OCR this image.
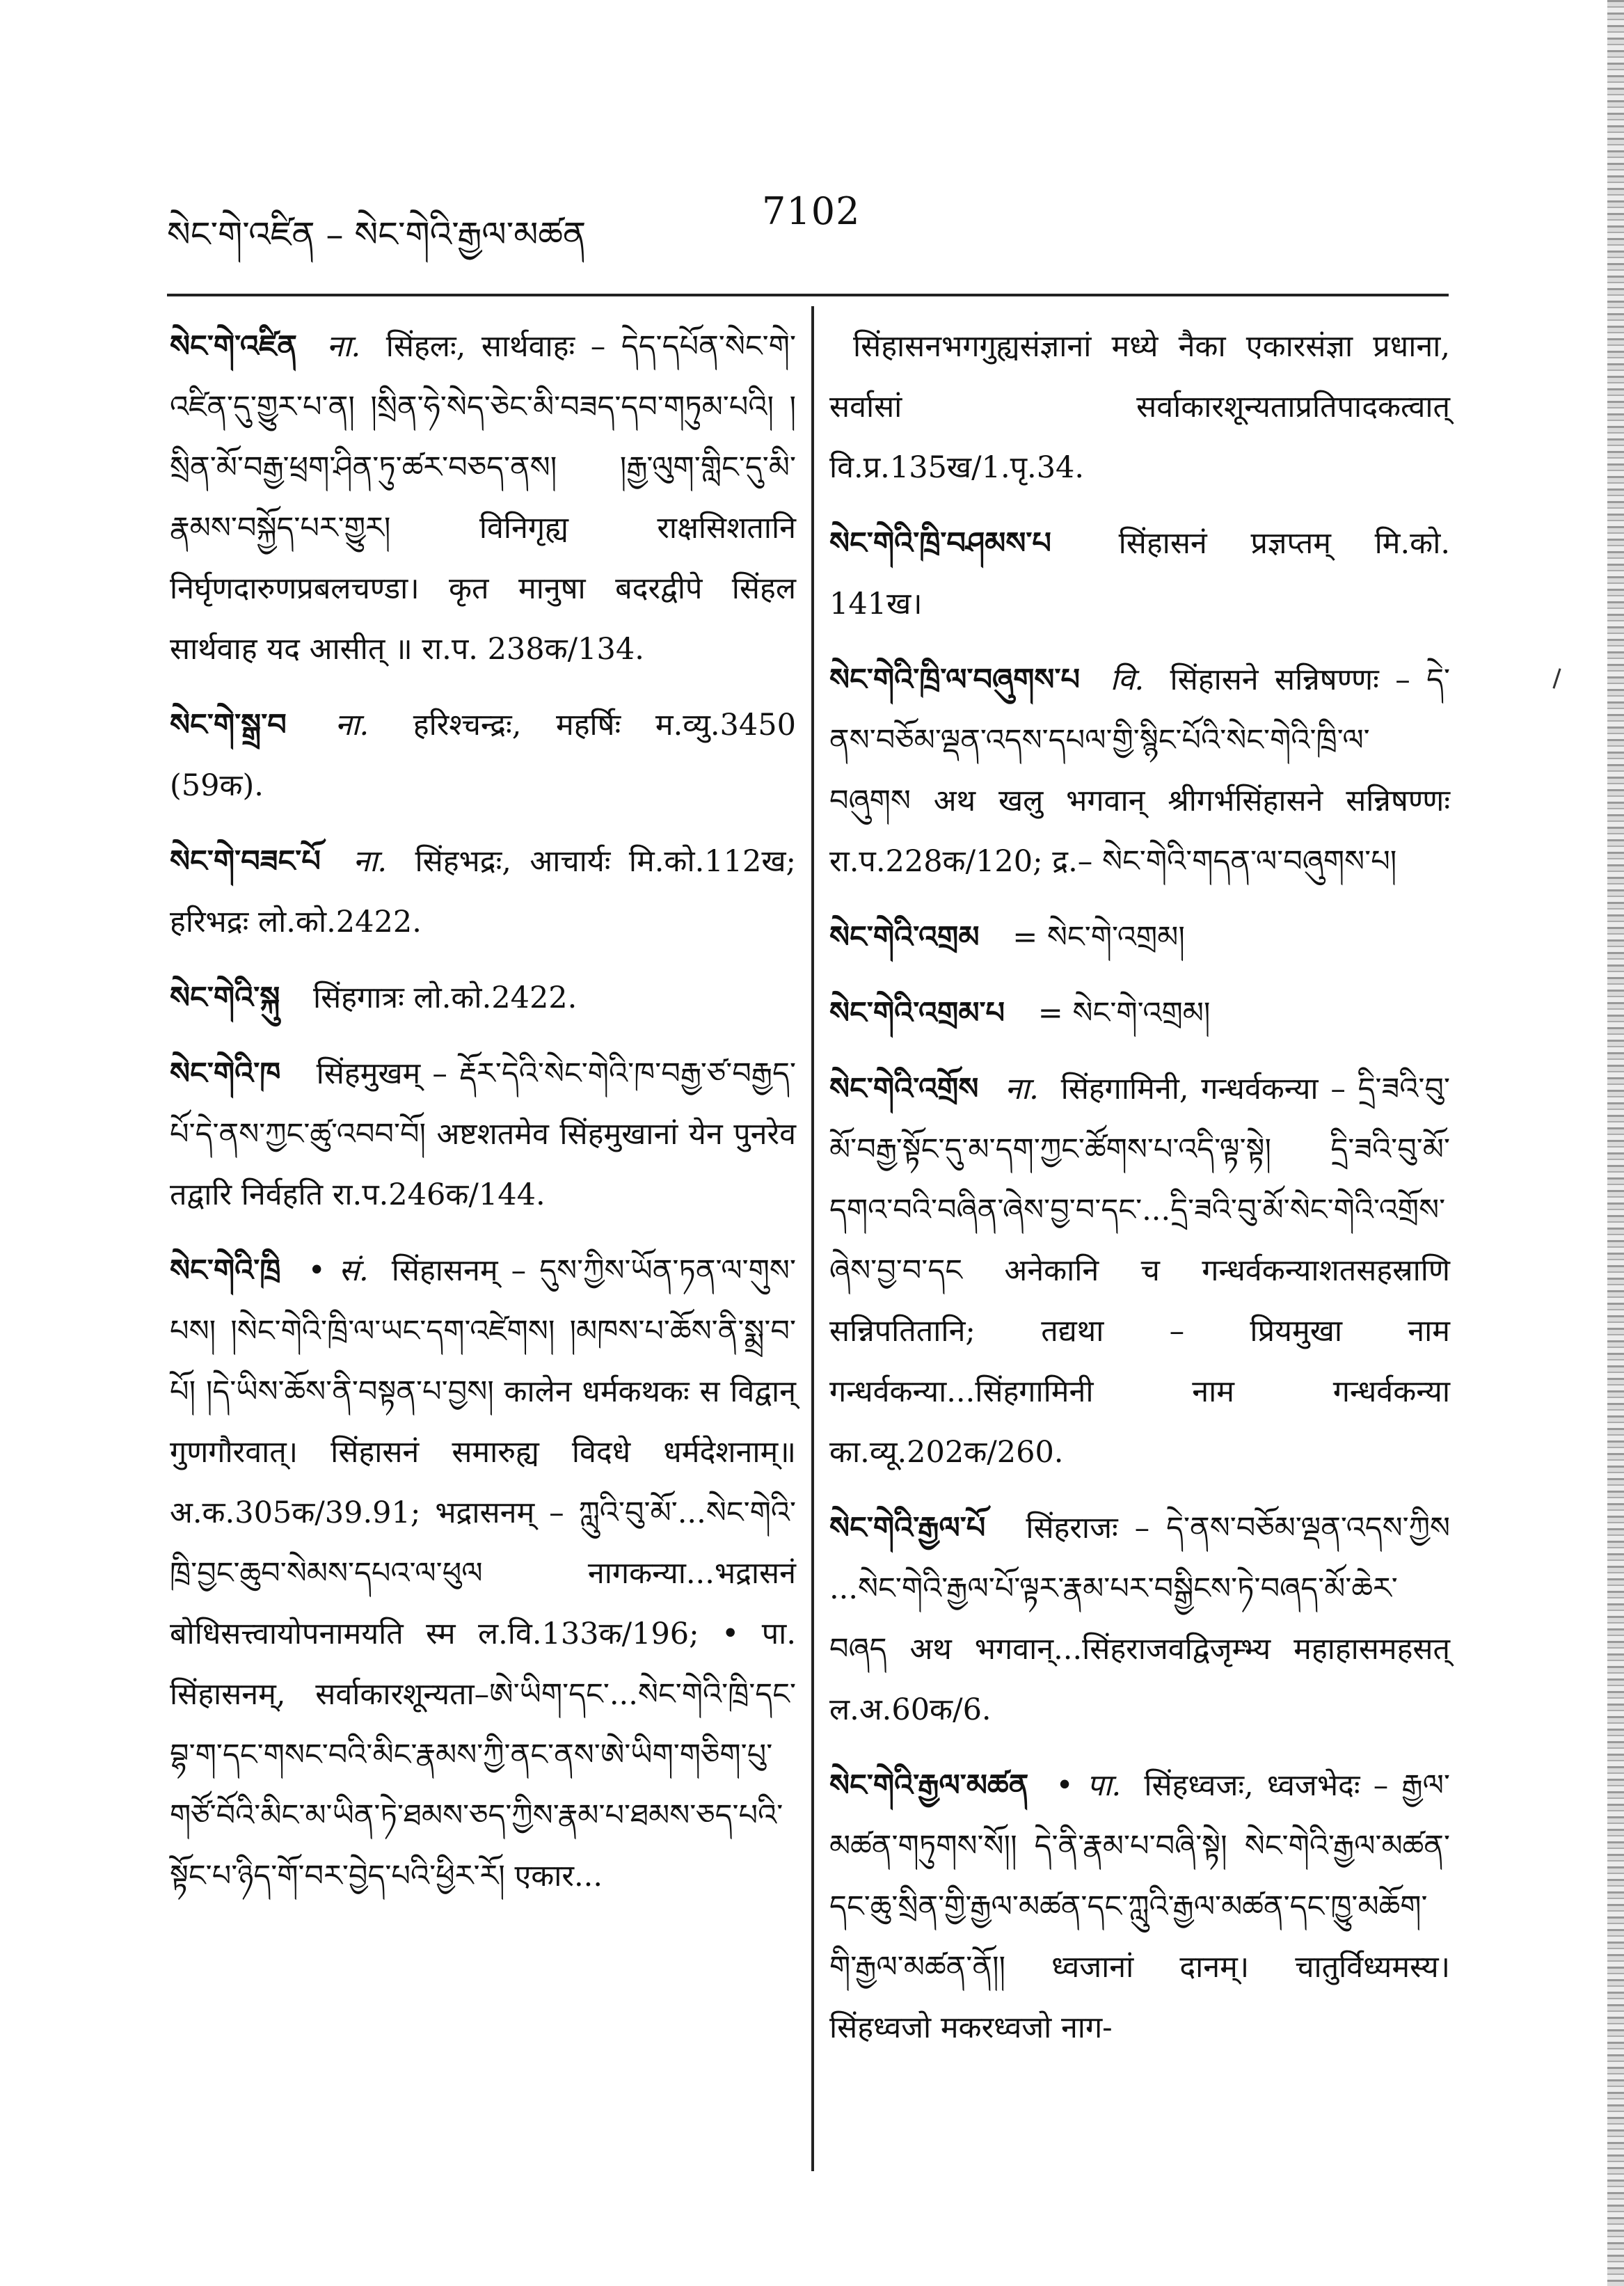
སེང་གེ་འཛིན – སེང་གེའི་རྒྱལ་མཚན
7102
སེང་གེ་འཛིན ना. सिंहलः, सार्थवाहः – དེད་དཔོན་སེང་གེ་འཛིན་དུ་གྱུར་པ་ན། །སྲིན་ཧེ་སེད་ཅེང་མི་བཟད་དབ་གཏུམ་པའི། །སྲིན་མོ་བརྒྱ་ཕྲག་ཤིན་ཏུ་ཚར་བཅད་ནས། །རྒྱ་ལུག་གླིང་དུ་མི་རྣམས་བསྐྱོད་པར་གྱུར། विनिगृह्य राक्षसिशतानि निर्घृणदारुणप्रबलचण्डा। कृत मानुषा बदरद्वीपे सिंहल सार्थवाह यद आसीत् ॥ रा.प. 238क/134.
སེང་གེ་སྒྲ་བ ना. हरिश्चन्द्रः, महर्षिः म.व्यु.3450 (59क).
སེང་གེ་བཟང་པོ ना. सिंहभद्रः, आचार्यः मि.को.112ख; हरिभद्रः लो.को.2422.
སེང་གེའི་སྐུ सिंहगात्रः लो.को.2422.
སེང་གེའི་ཁ सिंहमुखम् – རྡོར་དེའི་སེང་གེའི་ཁ་བརྒྱ་ཙ་བརྒྱད་པོ་དེ་ནས་ཀྱང་ཚུ་འབབ་བོ། अष्टशतमेव सिंहमुखानां येन पुनरेव तद्वारि निर्वहति रा.प.246क/144.
སེང་གེའི་ཁྲི • सं. सिंहासनम् – དུས་ཀྱིས་ཡོན་ཏན་ལ་གུས་པས། །སེང་གེའི་ཁྲི་ལ་ཡང་དག་འཛེགས། །མཁས་པ་ཆོས་ནི་སྨྲ་བ་པོ། །དེ་ཡིས་ཆོས་ནི་བསྟན་པ་བྱས། कालेन धर्मकथकः स विद्वान् गुणगौरवात्। सिंहासनं समारुह्य विदधे धर्मदेशनाम्॥ अ.क.305क/39.91; भद्रासनम् – ཀླུའི་བུ་མོ་...སེང་གེའི་ཁྲི་བྱང་ཆུབ་སེམས་དཔའ་ལ་ཕུལ नागकन्या...भद्रासनं बोधिसत्त्वायोपनामयति स्म ल.वि.133क/196; • पा. सिंहासनम्, सर्वाकारशून्यता–ཨེ་ཡིག་དང་...སེང་གེའི་ཁྲི་དང་བྷ་ག་དང་གསང་བའི་མིང་རྣམས་ཀྱི་ནང་ནས་ཨེ་ཡིག་གཅིག་པུ་གཙོ་བོའི་མིང་མ་ཡིན་ཏེ་ཐམས་ཅད་ཀྱིས་རྣམ་པ་ཐམས་ཅད་པའི་སྟོང་པ་ཉིད་གོ་བར་བྱེད་པའི་ཕྱིར་རོ། एकार...
सिंहासनभगगुह्यसंज्ञानां मध्ये नैका एकारसंज्ञा प्रधाना, सर्वासां सर्वाकारशून्यताप्रतिपादकत्वात् वि.प्र.135ख/1.पृ.34.
སེང་གེའི་ཁྲི་བཤམས་པ सिंहासनं प्रज्ञप्तम् मि.को. 141ख।
སེང་གེའི་ཁྲི་ལ་བཞུགས་པ वि. सिंहासने सन्निषण्णः – དེ་ནས་བཅོམ་ལྡན་འདས་དཔལ་གྱི་སྙིང་པོའི་སེང་གེའི་ཁྲི་ལ་བཞུགས अथ खलु भगवान् श्रीगर्भसिंहासने सन्निषण्णः रा.प.228क/120; द्र.– སེང་གེའི་གདན་ལ་བཞུགས་པ།
སེང་གེའི་འགྲམ = སེང་གེ་འགྲམ།
སེང་གེའི་འགྲམ་པ = སེང་གེ་འགྲམ།
སེང་གེའི་འགྲོས ना. सिंहगामिनी, गन्धर्वकन्या – དྲི་ཟའི་བུ་མོ་བརྒྱ་སྟོང་དུ་མ་དག་ཀྱང་ཚོགས་པ་འདི་ལྟ་སྟེ། དྲི་ཟའི་བུ་མོ་དགའ་བའི་བཞིན་ཞེས་བྱ་བ་དང་...དྲི་ཟའི་བུ་མོ་སེང་གེའི་འགྲོས་ཞེས་བྱ་བ་དང अनेकानि च गन्धर्वकन्याशतसहस्राणि सन्निपतितानि; तद्यथा – प्रियमुखा नाम गन्धर्वकन्या...सिंहगामिनी नाम गन्धर्वकन्या का.व्यू.202क/260.
སེང་གེའི་རྒྱལ་པོ सिंहराजः – དེ་ནས་བཅོམ་ལྡན་འདས་ཀྱིས ...སེང་གེའི་རྒྱལ་པོ་ལྟར་རྣམ་པར་བསྒྱིངས་ཏེ་བཞད་མོ་ཆེར་བཞད अथ भगवान्...सिंहराजवद्विजृम्भ्य महाहासमहसत् ल.अ.60क/6.
སེང་གེའི་རྒྱལ་མཚན • पा. सिंहध्वजः, ध्वजभेदः – རྒྱལ་མཚན་གཏུགས་སོ།། དེ་ནི་རྣམ་པ་བཞི་སྟེ། སེང་གེའི་རྒྱལ་མཚན་དང་ཆུ་སྲིན་གྱི་རྒྱལ་མཚན་དང་ཀླུའི་རྒྱལ་མཚན་དང་ཁྱུ་མཆོག་གི་རྒྱལ་མཚན་ནོ།། ध्वजानां दानम्। चातुर्विध्यमस्य। सिंहध्वजो मकरध्वजो नाग-
